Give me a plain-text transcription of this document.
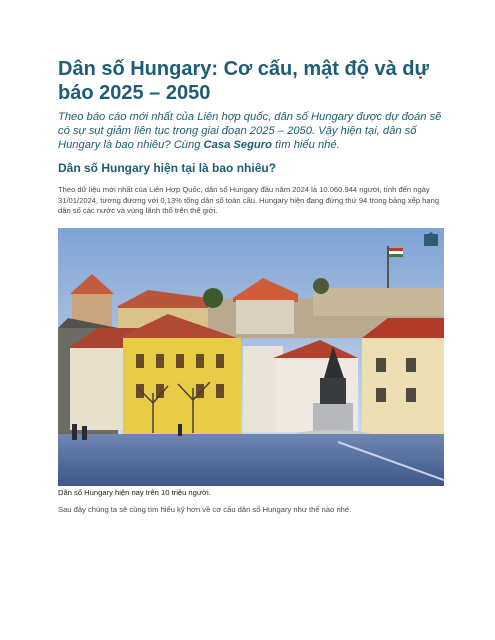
Dân số Hungary: Cơ cấu, mật độ và dự báo 2025 – 2050

Theo báo cáo mới nhất của Liên hợp quốc, dân số Hungary được dự đoán sẽ có sự sụt giảm liên tục trong giai đoạn 2025 – 2050. Vậy hiện tại, dân số Hungary là bao nhiêu? Cùng Casa Seguro tìm hiểu nhé.

Dân số Hungary hiện tại là bao nhiêu?

Theo dữ liệu mới nhất của Liên Hợp Quốc, dân số Hungary đầu năm 2024 là 10.060.944 người, tính đến ngày 31/01/2024, tương đương với 0,13% tổng dân số toàn cầu. Hungary hiện đang đứng thứ 94 trong bảng xếp hạng dân số các nước và vùng lãnh thổ trên thế giới.

Dân số Hungary hiện nay trên 10 triệu người.

Sau đây chúng ta sẽ cùng tìm hiểu kỹ hơn về cơ cấu dân số Hungary như thế nào nhé.
